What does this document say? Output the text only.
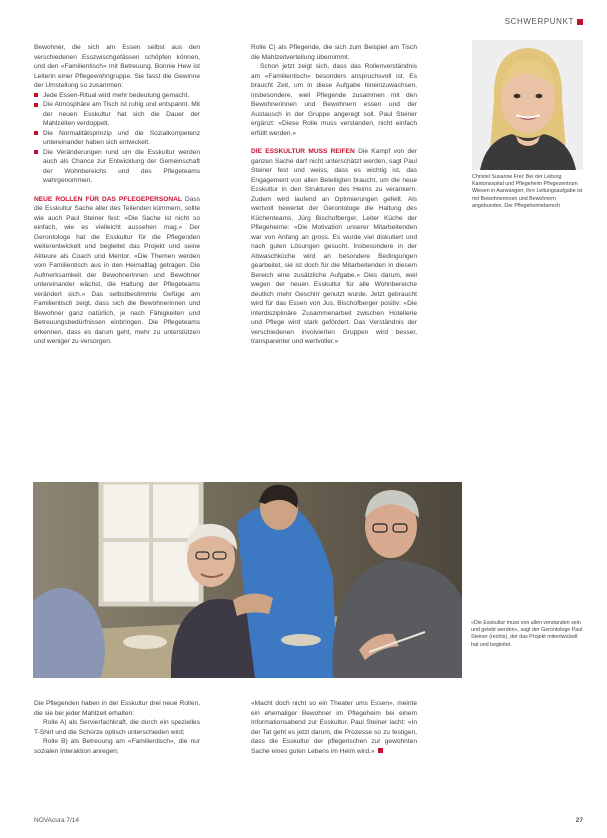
SCHWERPUNKT

Bewohner, die sich am Essen selbst aus den verschiedenen Esszwischgefässen schöpfen können, und den «Familientisch» mit Betreuung. Bonnie Hew ist Leiterin einer Pflegewohngruppe. Sie fasst die Gewinne der Umstellung so zusammen:

Jede Essen-Ritual wird mehr bedeutung gemacht.

Die Atmosphäre am Tisch ist ruhig und entspannt. Mit der neuen Esskultur hat sich die Dauer der Mahlzeiten verdoppelt.

Die Normalitätsprinzip und die Sozialkompetenz untereinander haben sich entwickelt.

Die Veränderungen rund um die Esskultur werden auch als Chance zur Entwicklung der Gemeinschaft der Wohnbereichs und des Pflegeteams wahrgenommen.

NEUE ROLLEN FÜR DAS PFLEGEPERSONAL Dass die Esskultur Sache aller des Teilenden kümmern, sollte wie auch Paul Steiner fest: «Die Sache ist nicht so einfach, wie es vielleicht aussehen mag.» Der Gerontologe hat die Esskultur für die Pflegenden weiterentwickelt und begleitet das Projekt und seine Akteure als Coach und Mentor. «Die Themen werden vom Familientisch aus in den Heimalltag getragen. Die Aufmerksamkeit der Bewohnerinnen und Bewohner untereinander wächst, die Haltung der Pflegeteams verändert sich.» Das selbstbestimmte Gefüge am Familientisch zeigt, dass sich die Bewohnerinnen und Bewohner ganz natürlich, je nach Fähigkeiten und Betreuungsbedürfnissen einbringen. Die Pflegeteams erkennen, dass es darum geht, mehr zu unterstützen und weniger zu versorgen.

Rolle C) als Pflegende, die sich zum Beispiel am Tisch die Mahlzeitverteilung übernimmt.

Schon jetzt zeigt sich, dass das Rollenverständnis am «Familientisch» besonders anspruchsvoll ist. Es braucht Zeit, um in diese Aufgabe hineinzuwachsen, insbesondere, weil Pflegende zusammen mit den Bewohnerinnen und Bewohnern essen und der Austausch in der Gruppe angeregt soll. Paul Steiner ergänzt: «Diese Rolle muss verstanden, nicht einfach erfüllt werden.»

DIE ESSKULTUR MUSS REIFEN Die Kampf von der ganzen Sache darf nicht unterschätzt werden, sagt Paul Steiner fest und weiss, dass es wichtig ist, das Engagement von allen Beteiligten braucht, um die neue Esskultur in den Strukturen des Heims zu verankern. Zudem wird laufend an Optimierungen gefeilt. Als wertvoll bewertet der Gerontologe die Haltung des Küchenteams. Jürg Bischofberger, Leiter Küche der Pflegeheime: «Die Motivation unserer Mitarbeitenden war von Anfang an gross. Es wurde viel diskutiert und nach guten Lösungen gesucht. Insbesondere in der Abwaschküche wird an besondere Bedingungen gearbeitet, sie ist doch für die Mitarbeitenden in diesem Bereich eine zusätzliche Aufgabe.» Dies darum, weil wegen der neuen Esskultur für alle Wohnbereiche deutlich mehr Geschirr genutzt wurde. Jetzt gebraucht wird für das Essen von Jus, Bischofberger positiv: «Die interdisziplinäre Zusammenarbeit zwischen Hotellerie und Pflege wird stark gefördert. Das Verständnis der verschiedenen involvierten Gruppen wird besser, transparenter und wertvoller.»

Christel Susanne Frei: Bei der Leitung Kantonsspital und Pflegeheim Pflegezentrum Wiesen in Aarwangen; ihre Leitungsaufgabe ist mit Bewohnerinnen und Bewohnern angebunden. Der Pflegeheimeberech
«Die Esskultur muss von allen verstanden sein und gelebt werden», sagt der Gerontologe Paul Steiner (rechts), der das Projekt mitentwickelt hat und begleitet.

Die Pflegenden haben in der Esskultur drei neue Rollen, die sie bei jeder Mahlzeit erhalten:

Rolle A) als Servierfachkraft, die durch ein spezielles T-Shirt und die Schürze optisch unterschieden wird;

Rolle B) als Betreuung am «Familientisch», die nur sozialen Interaktion anregen;

«Macht doch nicht so ein Theater ums Essen», meinte ein ehemaliger Bewohner im Pflegeheim bei einem Informationsabend zur Esskultur. Paul Steiner lacht: «In der Tat geht es jetzt darum, die Prozesse so zu festigen, dass die Esskultur der pflegerischen zur gewohnten Sache eines guten Lebens im Heim wird.»

NOVAcura 7/14	27
